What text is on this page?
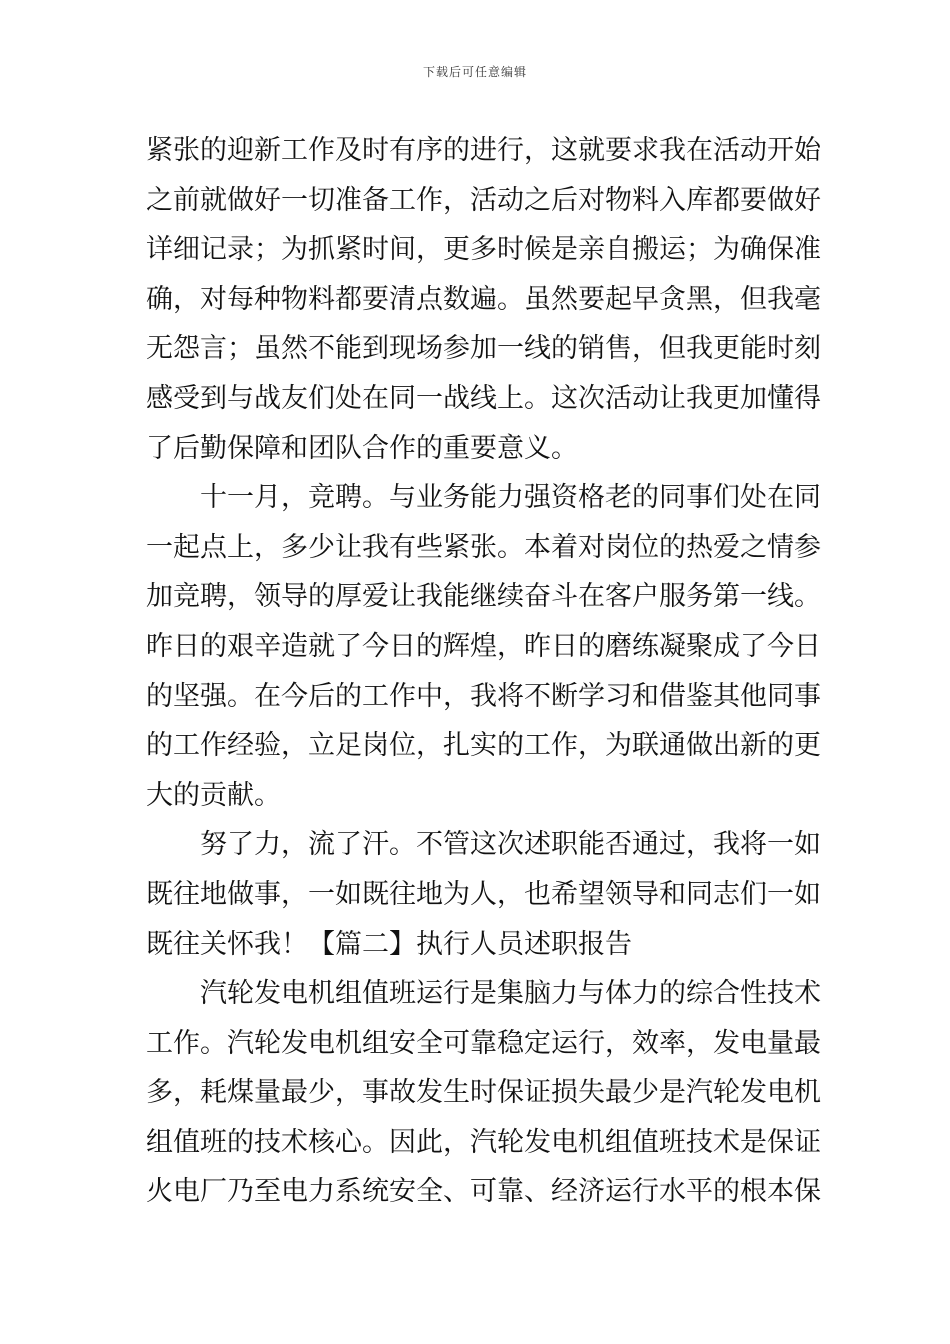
下载后可任意编辑
紧张的迎新工作及时有序的进行，这就要求我在活动开始
之前就做好一切准备工作，活动之后对物料入库都要做好
详细记录；为抓紧时间，更多时候是亲自搬运；为确保准
确，对每种物料都要清点数遍。虽然要起早贪黑，但我毫
无怨言；虽然不能到现场参加一线的销售，但我更能时刻
感受到与战友们处在同一战线上。这次活动让我更加懂得
了后勤保障和团队合作的重要意义。
　　十一月，竞聘。与业务能力强资格老的同事们处在同
一起点上，多少让我有些紧张。本着对岗位的热爱之情参
加竞聘，领导的厚爱让我能继续奋斗在客户服务第一线。
昨日的艰辛造就了今日的辉煌，昨日的磨练凝聚成了今日
的坚强。在今后的工作中，我将不断学习和借鉴其他同事
的工作经验，立足岗位，扎实的工作，为联通做出新的更
大的贡献。
　　努了力，流了汗。不管这次述职能否通过，我将一如
既往地做事，一如既往地为人，也希望领导和同志们一如
既往关怀我！【篇二】执行人员述职报告
　　汽轮发电机组值班运行是集脑力与体力的综合性技术
工作。汽轮发电机组安全可靠稳定运行，效率，发电量最
多，耗煤量最少，事故发生时保证损失最少是汽轮发电机
组值班的技术核心。因此，汽轮发电机组值班技术是保证
火电厂乃至电力系统安全、可靠、经济运行水平的根本保
